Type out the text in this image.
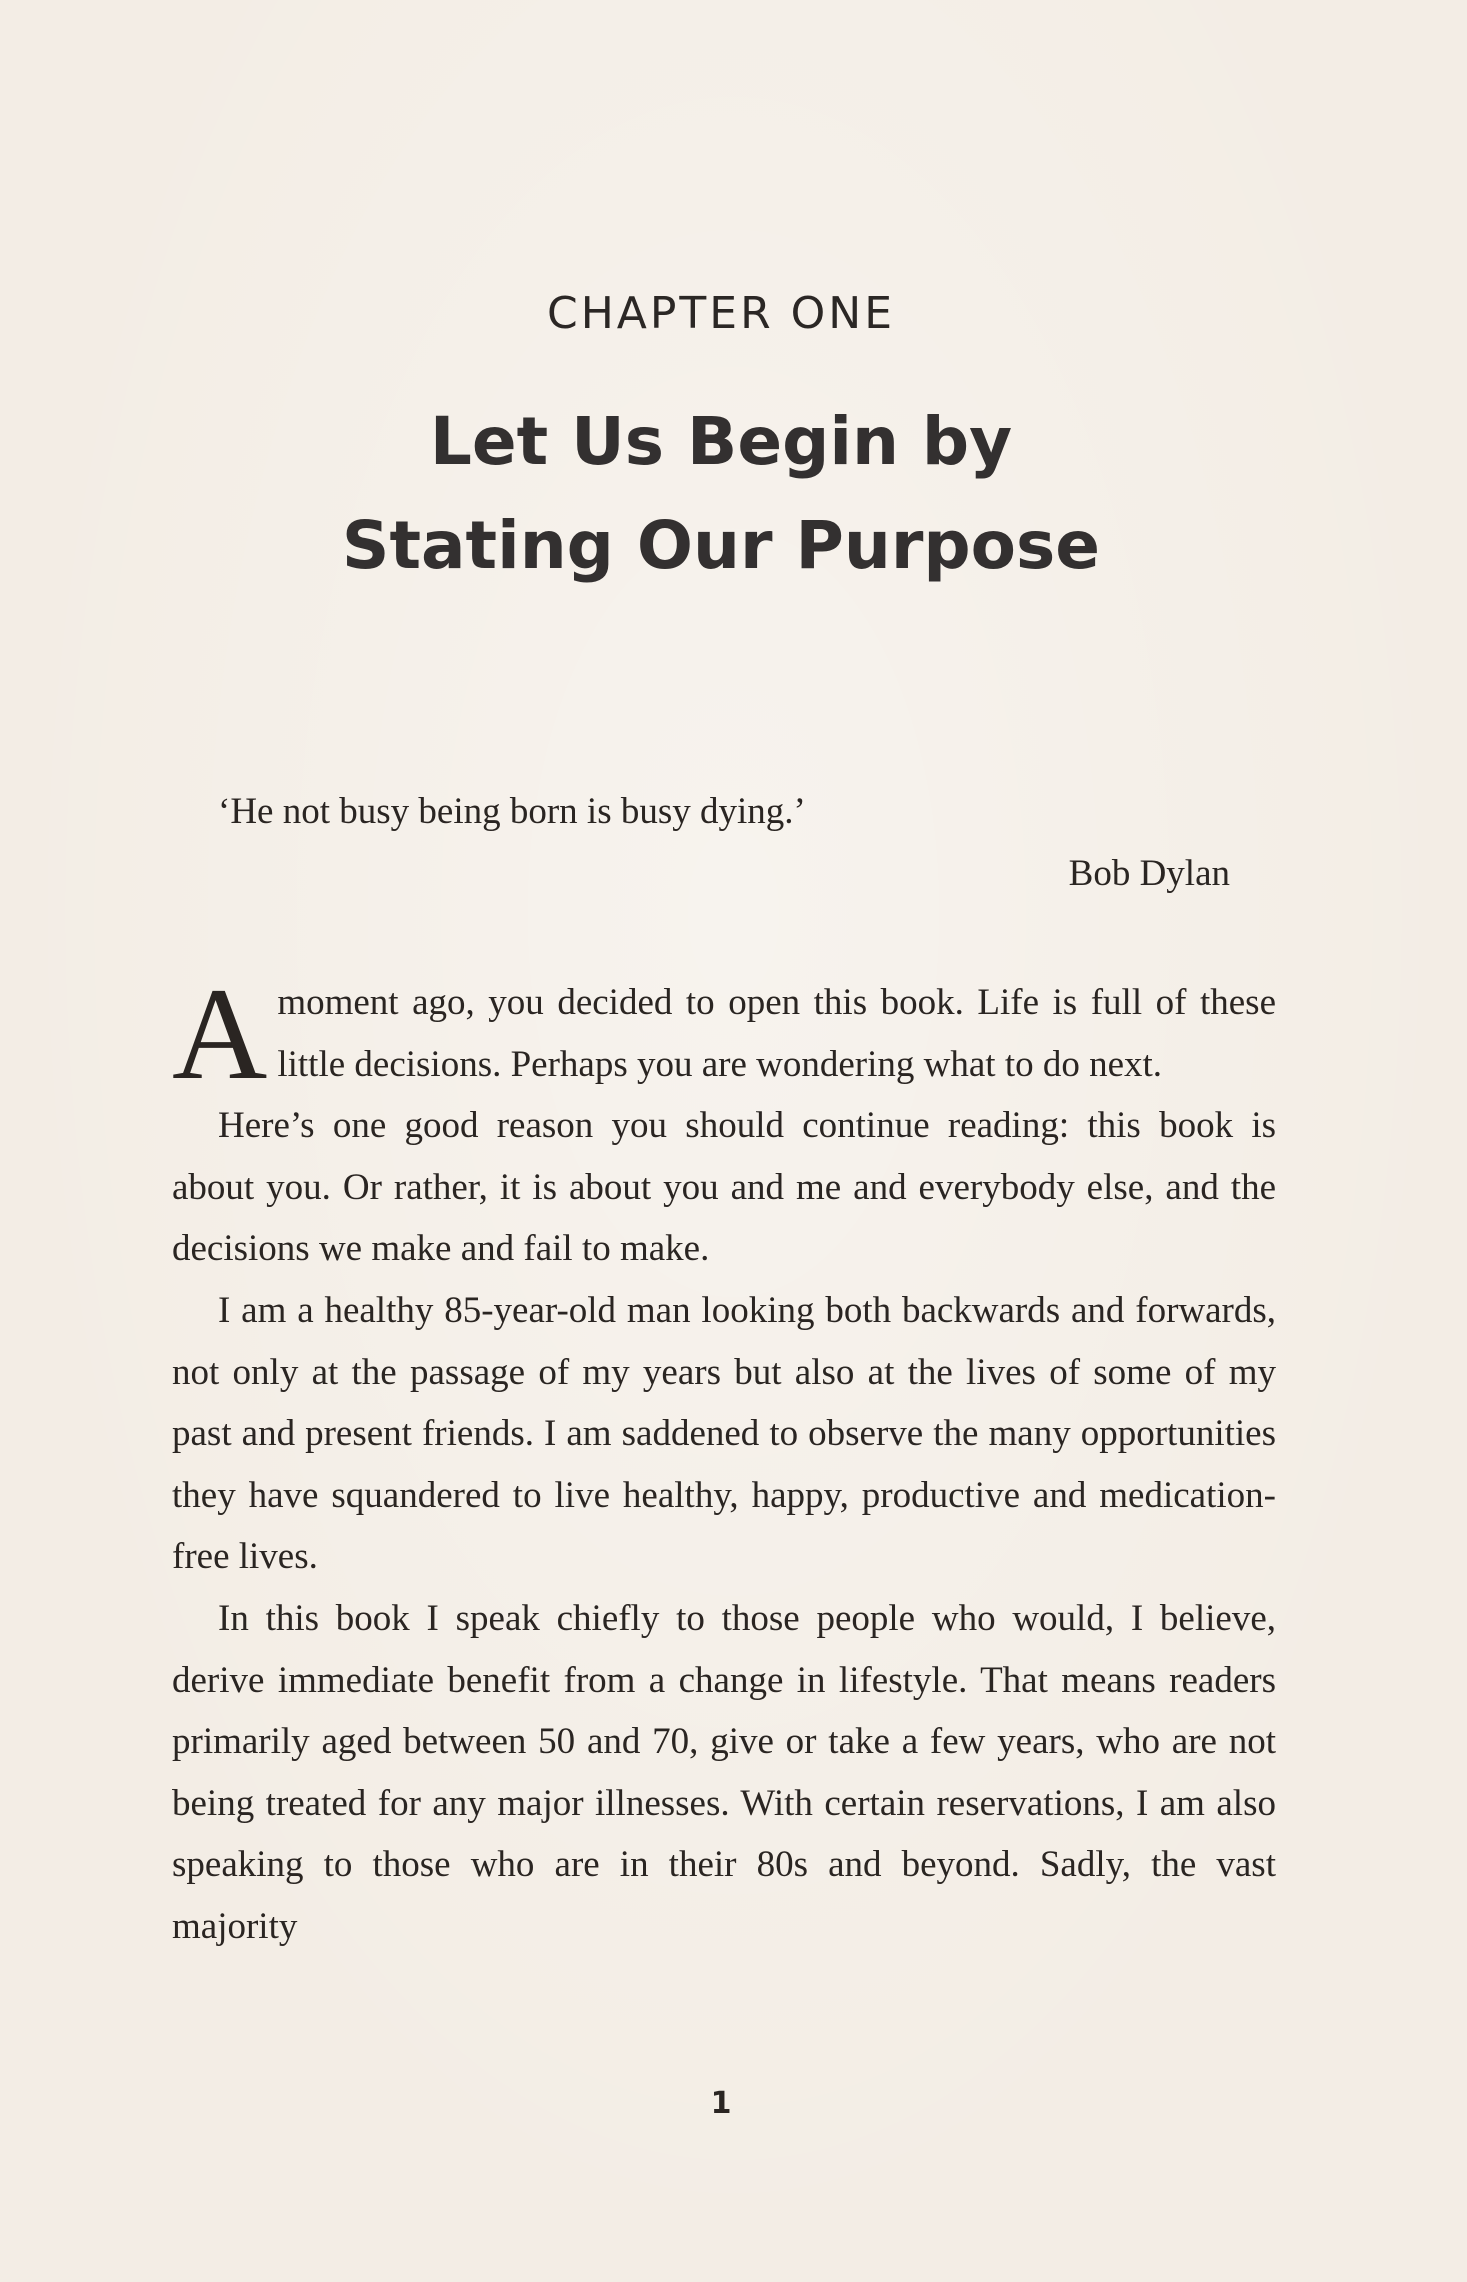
CHAPTER ONE
Let Us Begin by
Stating Our Purpose
‘He not busy being born is busy dying.’
Bob Dylan

A moment ago, you decided to open this book. Life is full of these little decisions. Perhaps you are wondering what to do next.

Here’s one good reason you should continue reading: this book is about you. Or rather, it is about you and me and everybody else, and the decisions we make and fail to make.

I am a healthy 85-year-old man looking both backwards and forwards, not only at the passage of my years but also at the lives of some of my past and present friends. I am saddened to observe the many opportunities they have squandered to live healthy, happy, productive and medication-free lives.

In this book I speak chiefly to those people who would, I believe, derive immediate benefit from a change in lifestyle. That means readers primarily aged between 50 and 70, give or take a few years, who are not being treated for any major illnesses. With certain reservations, I am also speaking to those who are in their 80s and beyond. Sadly, the vast majority

1
